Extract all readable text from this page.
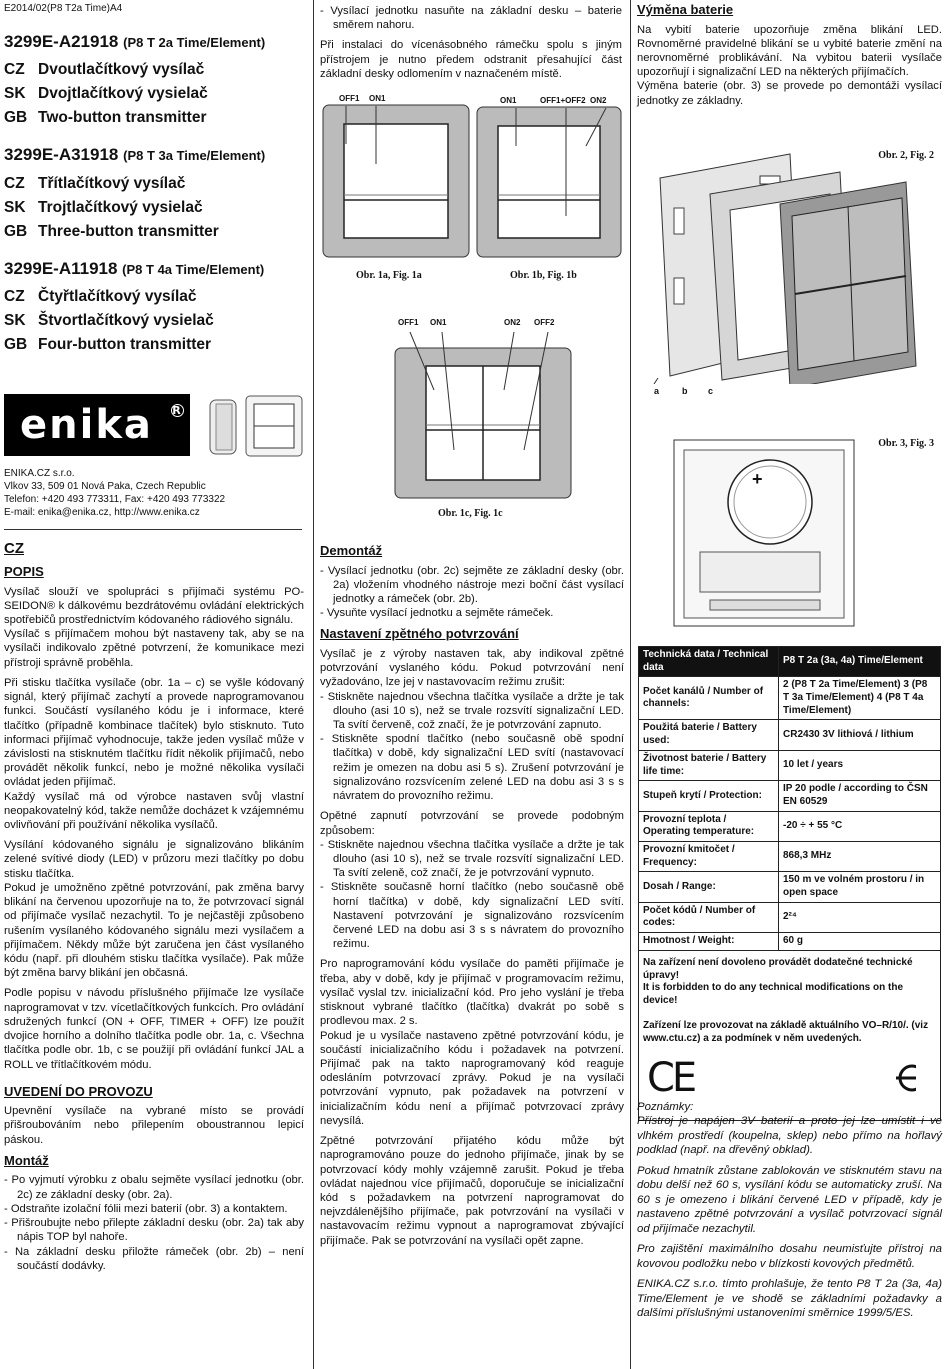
E2014/02(P8 T2a Time)A4
3299E-A21918 (P8 T 2a Time/Element)
CZ Dvoutlačítkový vysílač
SK Dvojtlačítkový vysielač
GB Two-button transmitter
3299E-A31918 (P8 T 3a Time/Element)
CZ Třítlačítkový vysílač
SK Trojtlačítkový vysielač
GB Three-button transmitter
3299E-A11918 (P8 T 4a Time/Element)
CZ Čtyřtlačítkový vysílač
SK Štvortlačítkový vysielač
GB Four-button transmitter
enika R
ENIKA.CZ s.r.o.
Vlkov 33, 509 01 Nová Paka, Czech Republic
Telefon: +420 493 773311, Fax: +420 493 773322
E-mail: enika@enika.cz, http://www.enika.cz
CZ
POPIS

Vysílač slouží ve spolupráci s přijímači systému PO-SEIDON® k dálkovému bezdrátovému ovládání elektrických spotřebičů prostřednictvím kódovaného rádiového signálu.

Vysílač s přijímačem mohou být nastaveny tak, aby se na vysílači indikovalo zpětné potvrzení, že komunikace mezi přístroji správně proběhla.

Při stisku tlačítka vysílače (obr. 1a – c) se vyšle kódovaný signál, který přijímač zachytí a provede naprogramovanou funkci. Součástí vysílaného kódu je i informace, které tlačítko (případně kombinace tlačítek) bylo stisknuto. Tuto informaci přijímač vyhodnocuje, takže jeden vysílač může v závislosti na stisknutém tlačítku řídit několik přijímačů, nebo provádět několik funkcí, nebo je možné několika vysílači ovládat jeden přijímač.

Každý vysílač má od výrobce nastaven svůj vlastní neopakovatelný kód, takže nemůže docházet k vzájemnému ovlivňování při používání několika vysílačů.

Vysílání kódovaného signálu je signalizováno blikáním zelené svítivé diody (LED) v průzoru mezi tlačítky po dobu stisku tlačítka.

Pokud je umožněno zpětné potvrzování, pak změna barvy blikání na červenou upozorňuje na to, že potvrzovací signál od přijímače vysílač nezachytil. To je nejčastěji způsobeno rušením vysílaného kódovaného signálu mezi vysílačem a přijímačem. Někdy může být zaručena jen část vysílaného kódu (např. při dlouhém stisku tlačítka vysílače). Pak může být změna barvy blikání jen občasná.

Podle popisu v návodu příslušného přijímače lze vysílače naprogramovat v tzv. vícetlačítkových funkcích. Pro ovládání sdružených funkcí (ON + OFF, TIMER + OFF) lze použít dvojice horního a dolního tlačítka podle obr. 1a, c. Všechna tlačítka podle obr. 1b, c se použijí při ovládání funkcí JAL a ROLL ve třítlačítkovém módu.

UVEDENÍ DO PROVOZU

Upevnění vysílače na vybrané místo se provádí přišroubováním nebo přilepením oboustrannou lepicí páskou.

Montáž
- Po vyjmutí výrobku z obalu sejměte vysílací jednotku (obr. 2c) ze základní desky (obr. 2a).
- Odstraňte izolační fólii mezi baterií (obr. 3) a kontaktem.
- Přišroubujte nebo přilepte základní desku (obr. 2a) tak aby nápis TOP byl nahoře.
- Na základní desku přiložte rámeček (obr. 2b) – není součástí dodávky.
- Vysílací jednotku nasuňte na základní desku – baterie směrem nahoru.

Při instalaci do vícenásobného rámečku spolu s jiným přístrojem je nutno předem odstranit přesahující část základní desky odlomením v naznačeném místě.

OFF1 ON1
Obr. 1a, Fig. 1a
ON1	OFF1+OFF2 ON2
Obr. 1b, Fig. 1b
OFF1 ON1	ON2 OFF2
Obr. 1c, Fig. 1c
Demontáž
- Vysílací jednotku (obr. 2c) sejměte ze základní desky (obr. 2a) vložením vhodného nástroje mezi boční část vysílací jednotky a rámeček (obr. 2b).
- Vysuňte vysílací jednotku a sejměte rámeček.
Nastavení zpětného potvrzování

Vysílač je z výroby nastaven tak, aby indikoval zpětné potvrzování vyslaného kódu. Pokud potvrzování není vyžadováno, lze jej v nastavovacím režimu zrušit:

- Stiskněte najednou všechna tlačítka vysílače a držte je tak dlouho (asi 10 s), než se trvale rozsvítí signalizační LED. Ta svítí červeně, což značí, že je potvrzování zapnuto.
- Stiskněte spodní tlačítko (nebo současně obě spodní tlačítka) v době, kdy signalizační LED svítí (nastavovací režim je omezen na dobu asi 5 s). Zrušení potvrzování je signalizováno rozsvícením zelené LED na dobu asi 3 s s návratem do provozního režimu.

Opětné zapnutí potvrzování se provede podobným způsobem:

- Stiskněte najednou všechna tlačítka vysílače a držte je tak dlouho (asi 10 s), než se trvale rozsvítí signalizační LED. Ta svítí zeleně, což značí, že je potvrzování vypnuto.
- Stiskněte současně horní tlačítko (nebo současně obě horní tlačítka) v době, kdy signalizační LED svítí. Nastavení potvrzování je signalizováno rozsvícením červené LED na dobu asi 3 s s návratem do provozního režimu.

Pro naprogramování kódu vysílače do paměti přijímače je třeba, aby v době, kdy je přijímač v programovacím režimu, vysílač vyslal tzv. inicializační kód. Pro jeho vyslání je třeba stisknout vybrané tlačítko (tlačítka) dvakrát po sobě s prodlevou max. 2 s.

Pokud je u vysílače nastaveno zpětné potvrzování kódu, je součástí inicializačního kódu i požadavek na potvrzení. Přijímač pak na takto naprogramovaný kód reaguje odesláním potvrzovací zprávy. Pokud je na vysílači potvrzování vypnuto, pak požadavek na potvrzení v inicializačním kódu není a přijímač potvrzovací zprávy nevysílá.

Zpětné potvrzování přijatého kódu může být naprogramováno pouze do jednoho přijímače, jinak by se potvrzovací kódy mohly vzájemně zarušit. Pokud je třeba ovládat najednou více přijímačů, doporučuje se inicializační kód s požadavkem na potvrzení naprogramovat do nejvzdálenějšího přijímače, pak potvrzování na vysílači v nastavovacím režimu vypnout a naprogramovat zbývající přijímače. Pak se potvrzování na vysílači opět zapne.

Výměna baterie

Na vybití baterie upozorňuje změna blikání LED. Rovnoměrné pravidelné blikání se u vybité baterie změní na nerovnoměrné problikávání. Na vybitou baterii vysílače upozorňují i signalizační LED na některých přijímačích.

Výměna baterie (obr. 3) se provede po demontáži vysílací jednotky ze základny.

Obr. 2, Fig. 2
a	b c
Obr. 3, Fig. 3
+
Technická data / Technical data	P8 T 2a (3a, 4a) Time/Element
Počet kanálů / Number of channels:	2 (P8 T 2a Time/Element) 3 (P8 T 3a Time/Element) 4 (P8 T 4a Time/Element)
Použitá baterie / Battery used:	CR2430 3V lithiová / lithium
Životnost baterie / Battery life time:	10 let / years
Stupeň krytí / Protection:	IP 20 podle / according to ČSN EN 60529
Provozní teplota / Operating temperature:	-20 ÷ + 55 °C
Provozní kmitočet / Frequency:	868,3 MHz
Dosah / Range:	150 m ve volném prostoru / in open space
Počet kódů / Number of codes:	2²⁴
Hmotnost / Weight:	60 g
Na zařízení není dovoleno provádět dodatečné technické úpravy!
It is forbidden to do any technical modifications on the device!
Zařízení lze provozovat na základě aktuálního VO–R/10/. (viz www.ctu.cz) a za podmínek v něm uvedených.
CE

Poznámky:

Přístroj je napájen 3V baterií a proto jej lze umístit i ve vlhkém prostředí (koupelna, sklep) nebo přímo na hořlavý podklad (např. na dřevěný obklad).

Pokud hmatník zůstane zablokován ve stisknutém stavu na dobu delší než 60 s, vysílání kódu se automaticky zruší. Na 60 s je omezeno i blikání červené LED v případě, kdy je nastaveno zpětné potvrzování a vysílač potvrzovací signál od přijímače nezachytil.

Pro zajištění maximálního dosahu neumisťujte přístroj na kovovou podložku nebo v blízkosti kovových předmětů.

ENIKA.CZ s.r.o. tímto prohlašuje, že tento P8 T 2a (3a, 4a) Time/Element je ve shodě se základními požadavky a dalšími příslušnými ustanoveními směrnice 1999/5/ES.
